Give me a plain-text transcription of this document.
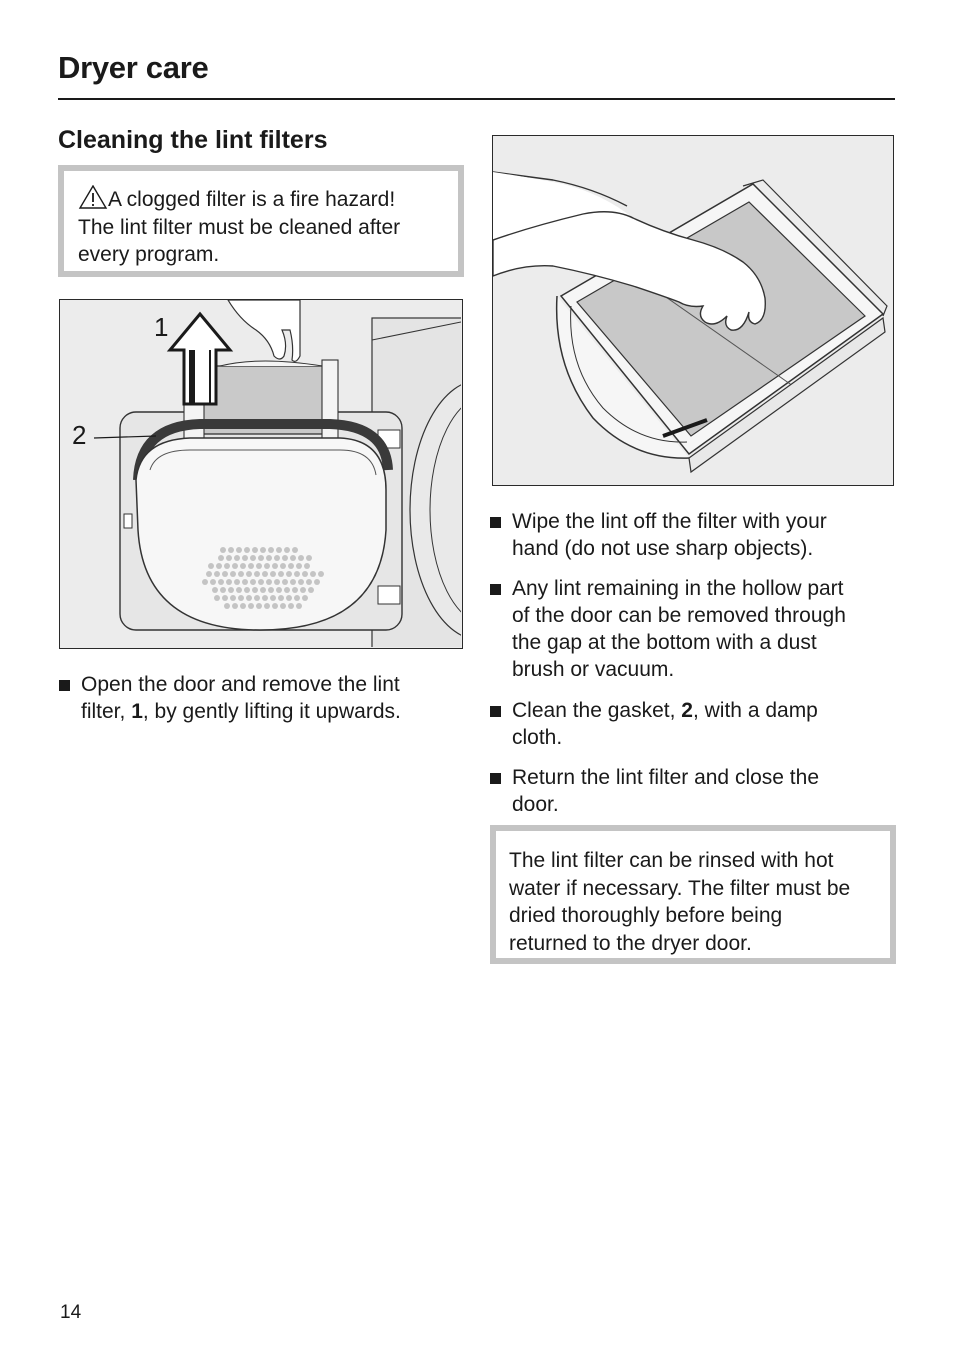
Dryer care
Cleaning the lint filters
A clogged filter is a fire hazard!
The lint filter must be cleaned after
every program.
1
2
Open the door and remove the lint
filter, 1, by gently lifting it upwards.
Wipe the lint off the filter with your
hand (do not use sharp objects).
Any lint remaining in the hollow part
of the door can be removed through
the gap at the bottom with a dust
brush or vacuum.
Clean the gasket, 2, with a damp
cloth.
Return the lint filter and close the
door.
The lint filter can be rinsed with hot
water if necessary. The filter must be
dried thoroughly before being
returned to the dryer door.
14
